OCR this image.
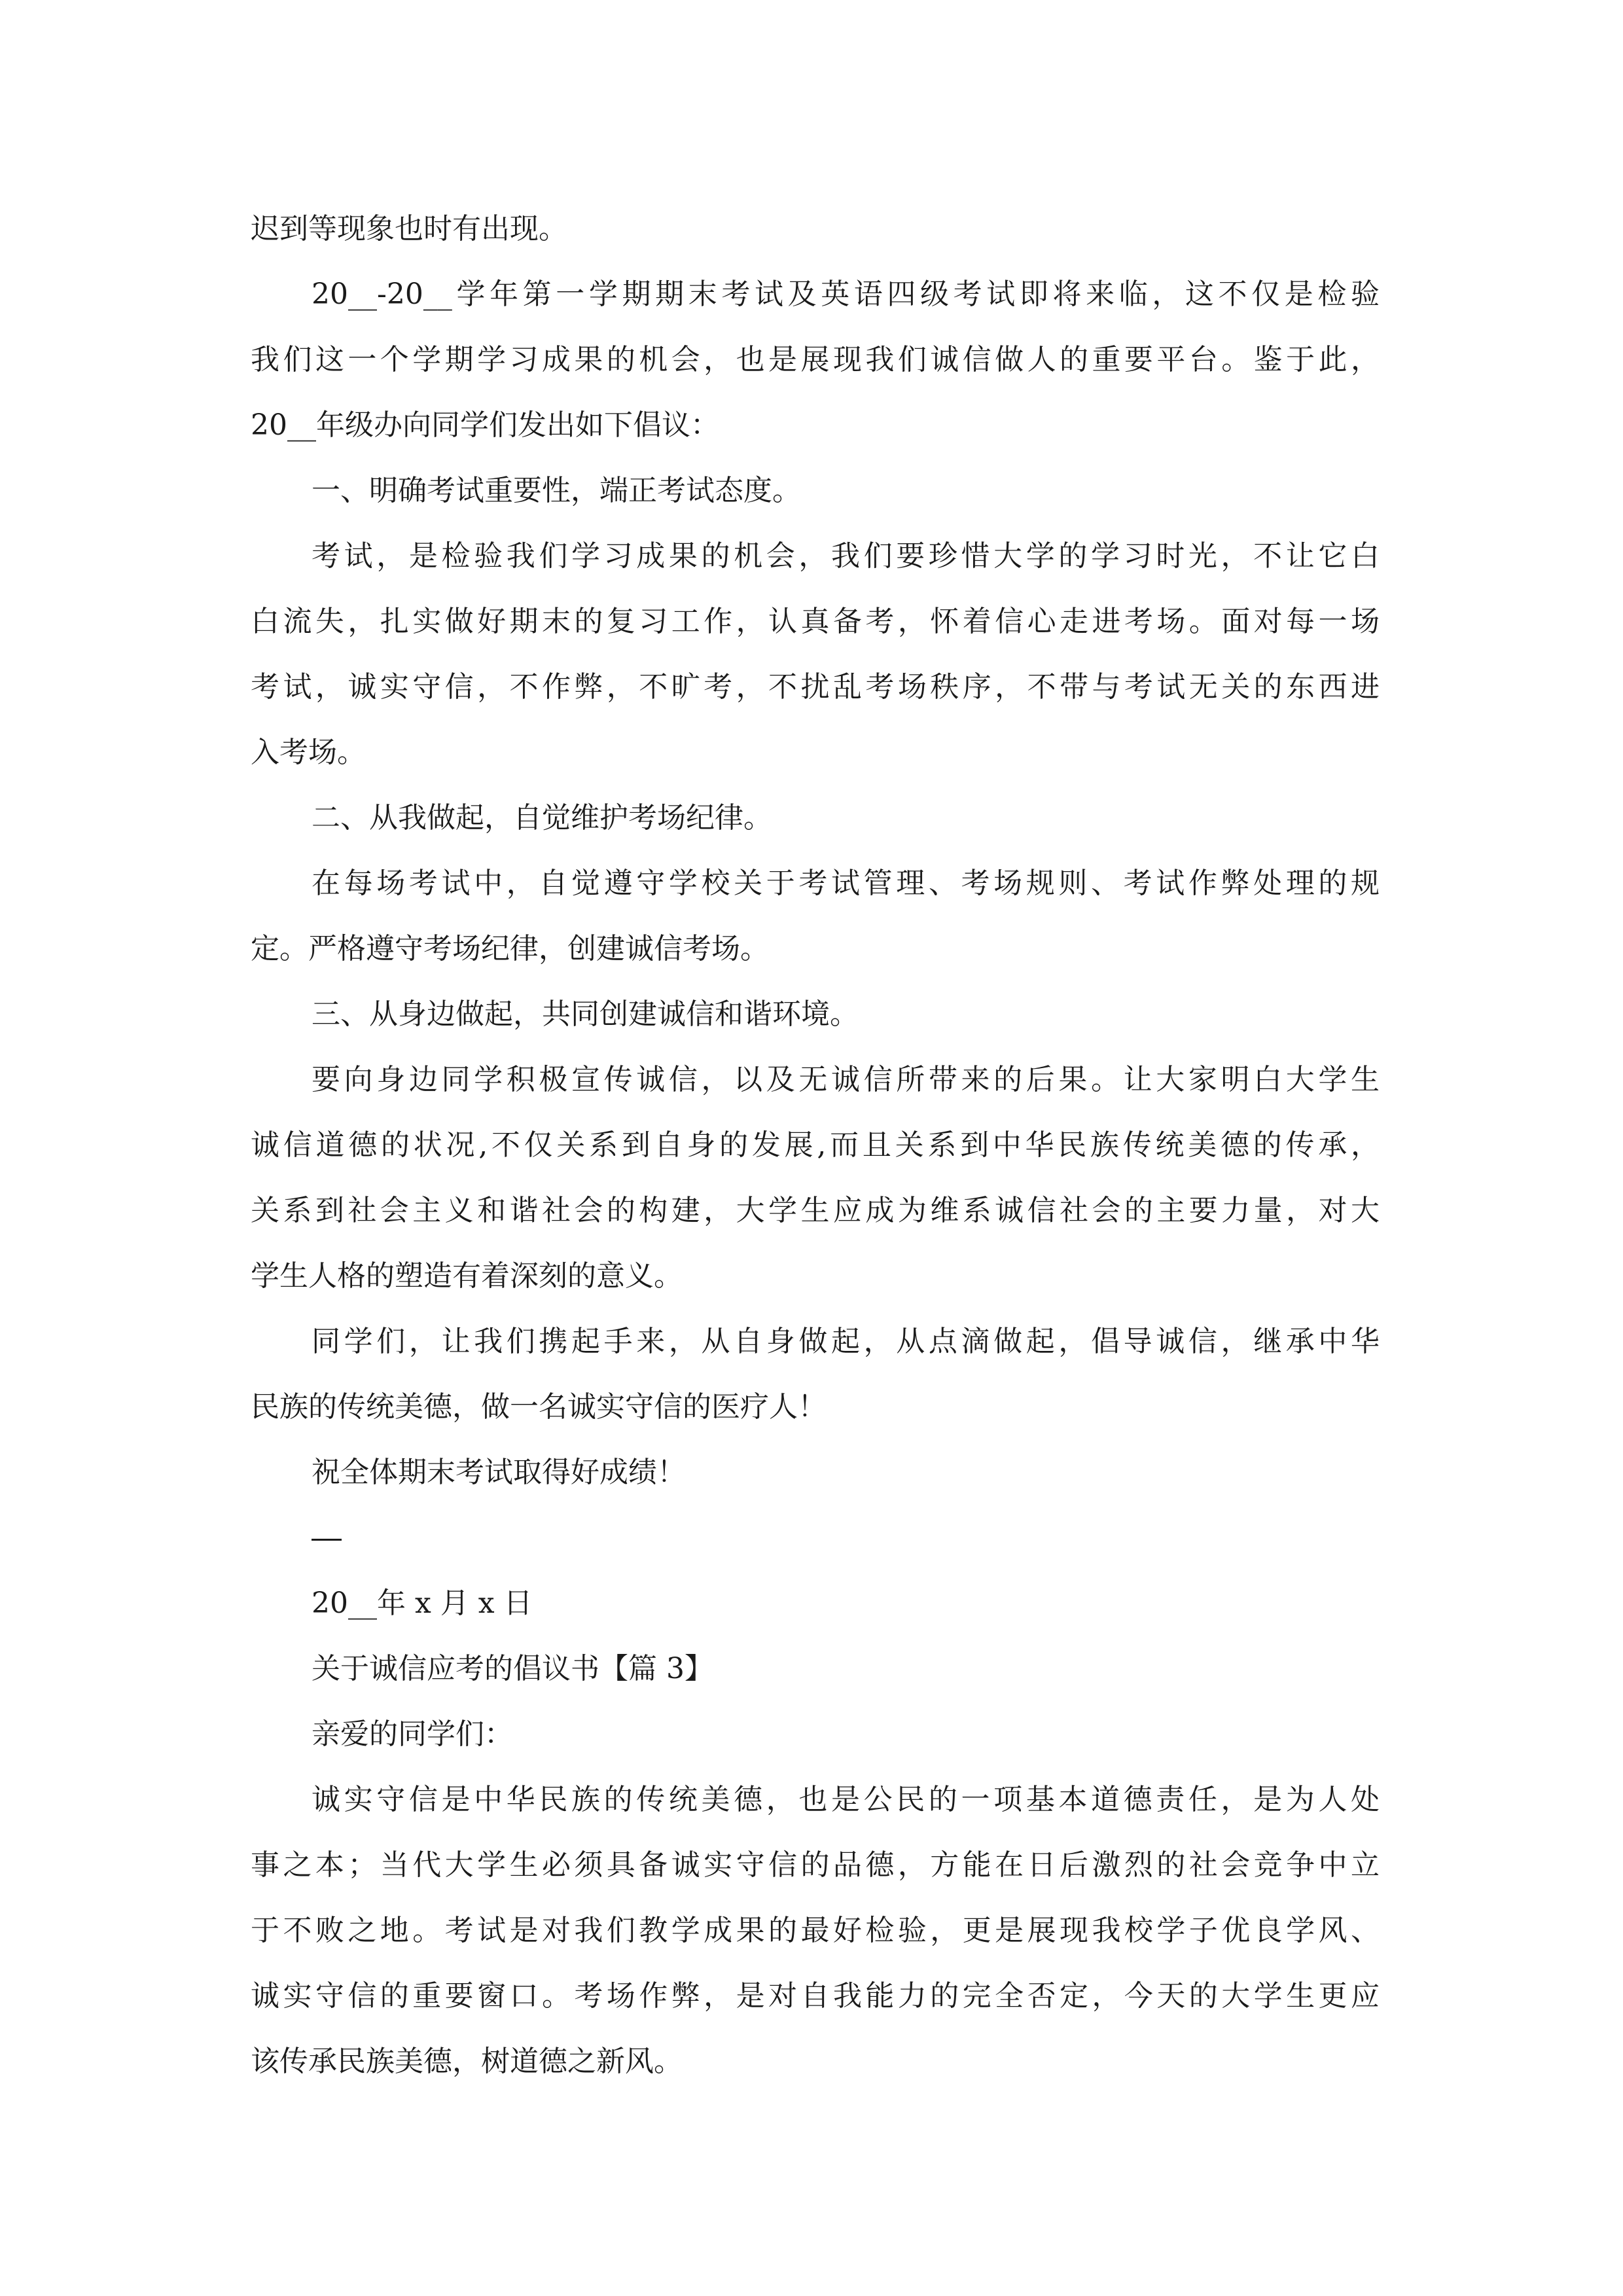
迟到等现象也时有出现。
20__-20__学年第一学期期末考试及英语四级考试即将来临，这不仅是检验
我们这一个学期学习成果的机会，也是展现我们诚信做人的重要平台。鉴于此，
20__年级办向同学们发出如下倡议：
一、明确考试重要性，端正考试态度。
考试，是检验我们学习成果的机会，我们要珍惜大学的学习时光，不让它白
白流失，扎实做好期末的复习工作，认真备考，怀着信心走进考场。面对每一场
考试，诚实守信，不作弊，不旷考，不扰乱考场秩序，不带与考试无关的东西进
入考场。
二、从我做起，自觉维护考场纪律。
在每场考试中，自觉遵守学校关于考试管理、考场规则、考试作弊处理的规
定。严格遵守考场纪律，创建诚信考场。
三、从身边做起，共同创建诚信和谐环境。
要向身边同学积极宣传诚信，以及无诚信所带来的后果。让大家明白大学生
诚信道德的状况,不仅关系到自身的发展,而且关系到中华民族传统美德的传承，
关系到社会主义和谐社会的构建，大学生应成为维系诚信社会的主要力量，对大
学生人格的塑造有着深刻的意义。
同学们，让我们携起手来，从自身做起，从点滴做起，倡导诚信，继承中华
民族的传统美德，做一名诚实守信的医疗人！
祝全体期末考试取得好成绩！
20__年 x 月 x 日
关于诚信应考的倡议书【篇 3】
亲爱的同学们：
诚实守信是中华民族的传统美德，也是公民的一项基本道德责任，是为人处
事之本；当代大学生必须具备诚实守信的品德，方能在日后激烈的社会竞争中立
于不败之地。考试是对我们教学成果的最好检验，更是展现我校学子优良学风、
诚实守信的重要窗口。考场作弊，是对自我能力的完全否定，今天的大学生更应
该传承民族美德，树道德之新风。
